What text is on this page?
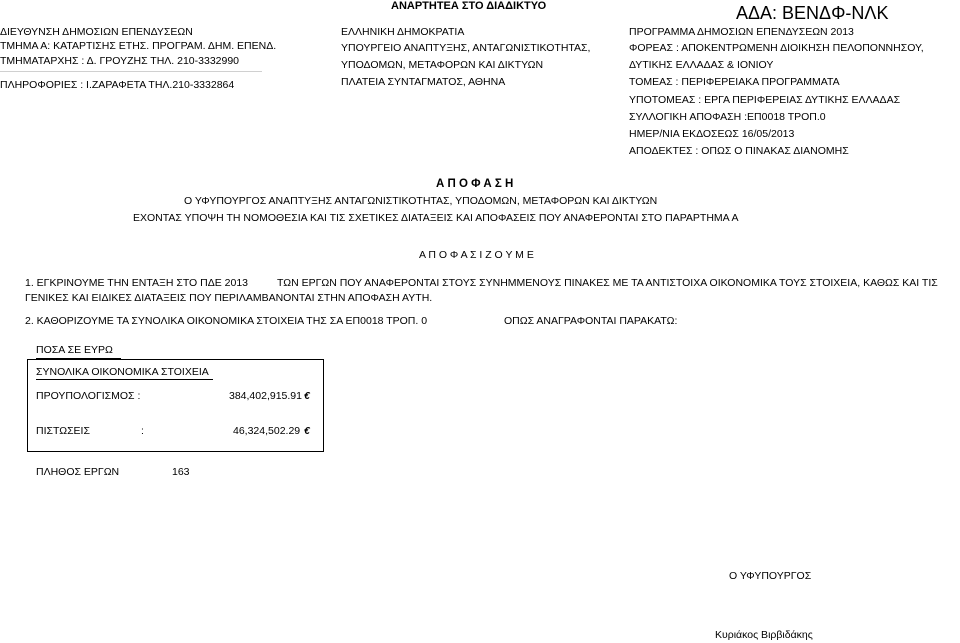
ΑΝΑΡΤΗΤΕΑ ΣΤΟ ΔΙΑΔΙΚΤΥΟ	ΑΔΑ: ΒΕΝΔΦ-ΝΛΚ
ΔΙΕΥΘΥΝΣΗ ΔΗΜΟΣΙΩΝ ΕΠΕΝΔΥΣΕΩΝ
ΤΜΗΜΑ Α: ΚΑΤΑΡΤΙΣΗΣ ΕΤΗΣ. ΠΡΟΓΡΑΜ. ΔΗΜ. ΕΠΕΝΔ.
ΤΜΗΜΑΤΑΡΧΗΣ : Δ. ΓΡΟΥΖΗΣ ΤΗΛ. 210-3332990
ΠΛΗΡΟΦΟΡΙΕΣ : Ι.ΖΑΡΑΦΕΤΑ ΤΗΛ.210-3332864
ΕΛΛΗΝΙΚΗ ΔΗΜΟΚΡΑΤΙΑ
ΥΠΟΥΡΓΕΙΟ ΑΝΑΠΤΥΞΗΣ, ΑΝΤΑΓΩΝΙΣΤΙΚΟΤΗΤΑΣ,
ΥΠΟΔΟΜΩΝ, ΜΕΤΑΦΟΡΩΝ ΚΑΙ ΔΙΚΤΥΩΝ
ΠΛΑΤΕΙΑ ΣΥΝΤΑΓΜΑΤΟΣ, ΑΘΗΝΑ
ΠΡΟΓΡΑΜΜΑ ΔΗΜΟΣΙΩΝ ΕΠΕΝΔΥΣΕΩΝ 2013
ΦΟΡΕΑΣ : ΑΠΟΚΕΝΤΡΩΜΕΝΗ ΔΙΟΙΚΗΣΗ ΠΕΛΟΠΟΝΝΗΣΟΥ,
ΔΥΤΙΚΗΣ ΕΛΛΑΔΑΣ & ΙΟΝΙΟΥ
ΤΟΜΕΑΣ : ΠΕΡΙΦΕΡΕΙΑΚΑ ΠΡΟΓΡΑΜΜΑΤΑ
ΥΠΟΤΟΜΕΑΣ : ΕΡΓΑ ΠΕΡΙΦΕΡΕΙΑΣ ΔΥΤΙΚΗΣ ΕΛΛΑΔΑΣ
ΣΥΛΛΟΓΙΚΗ ΑΠΟΦΑΣΗ :ΕΠ0018 ΤΡΟΠ.0
ΗΜΕΡ/ΝΙΑ ΕΚΔΟΣΕΩΣ 16/05/2013
ΑΠΟΔΕΚΤΕΣ : ΟΠΩΣ Ο ΠΙΝΑΚΑΣ ΔΙΑΝΟΜΗΣ
Α Π Ο Φ Α Σ Η
Ο ΥΦΥΠΟΥΡΓΟΣ ΑΝΑΠΤΥΞΗΣ ΑΝΤΑΓΩΝΙΣΤΙΚΟΤΗΤΑΣ, ΥΠΟΔΟΜΩΝ, ΜΕΤΑΦΟΡΩΝ ΚΑΙ ΔΙΚΤΥΩΝ
ΕΧΟΝΤΑΣ ΥΠΟΨΗ ΤΗ ΝΟΜΟΘΕΣΙΑ ΚΑΙ ΤΙΣ ΣΧΕΤΙΚΕΣ ΔΙΑΤΑΞΕΙΣ ΚΑΙ ΑΠΟΦΑΣΕΙΣ ΠΟΥ ΑΝΑΦΕΡΟΝΤΑΙ ΣΤΟ ΠΑΡΑΡΤΗΜΑ Α
Α Π Ο Φ Α Σ Ι Ζ Ο Υ Μ Ε
1. ΕΓΚΡΙΝΟΥΜΕ ΤΗΝ ΕΝΤΑΞΗ ΣΤΟ ΠΔΕ 2013	ΤΩΝ ΕΡΓΩΝ ΠΟΥ ΑΝΑΦΕΡΟΝΤΑΙ ΣΤΟΥΣ ΣΥΝΗΜΜΕΝΟΥΣ ΠΙΝΑΚΕΣ ΜΕ ΤΑ ΑΝΤΙΣΤΟΙΧΑ ΟΙΚΟΝΟΜΙΚΑ ΤΟΥΣ ΣΤΟΙΧΕΙΑ, ΚΑΘΩΣ ΚΑΙ ΤΙΣ
ΓΕΝΙΚΕΣ ΚΑΙ ΕΙΔΙΚΕΣ ΔΙΑΤΑΞΕΙΣ ΠΟΥ ΠΕΡΙΛΑΜΒΑΝΟΝΤΑΙ ΣΤΗΝ ΑΠΟΦΑΣΗ ΑΥΤΗ.
2. ΚΑΘΟΡΙΖΟΥΜΕ ΤΑ ΣΥΝΟΛΙΚΑ ΟΙΚΟΝΟΜΙΚΑ ΣΤΟΙΧΕΙΑ ΤΗΣ ΣΑ ΕΠ0018 ΤΡΟΠ. 0	ΟΠΩΣ ΑΝΑΓΡΑΦΟΝΤΑΙ ΠΑΡΑΚΑΤΩ:
ΠΟΣΑ ΣΕ ΕΥΡΩ
ΣΥΝΟΛΙΚΑ ΟΙΚΟΝΟΜΙΚΑ ΣΤΟΙΧΕΙΑ
ΠΡΟΥΠΟΛΟΓΙΣΜΟΣ :	384,402,915.91 €
ΠΙΣΤΩΣΕΙΣ	:	46,324,502.29 €
ΠΛΗΘΟΣ ΕΡΓΩΝ	163
Ο ΥΦΥΠΟΥΡΓΟΣ
Κυριάκος Βιρβιδάκης
